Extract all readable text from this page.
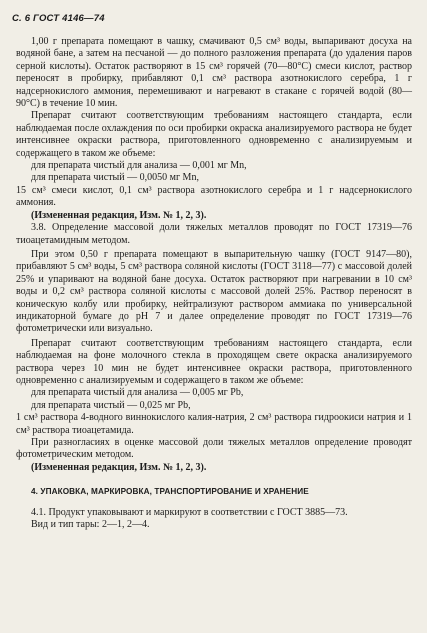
С. 6 ГОСТ 4146—74

1,00 г препарата помещают в чашку, смачивают 0,5 см³ воды, выпаривают досуха на водяной бане, а затем на песчаной — до полного разложения препарата (до удаления паров серной кислоты). Остаток растворяют в 15 см³ горячей (70—80°С) смеси кислот, раствор переносят в пробирку, прибавляют 0,1 см³ раствора азотнокислого серебра, 1 г надсернокислого аммония, перемешивают и нагревают в стакане с горячей водой (80—90°С) в течение 10 мин.

Препарат считают соответствующим требованиям настоящего стандарта, если наблюдаемая после охлаждения по оси пробирки окраска анализируемого раствора не будет интенсивнее окраски раствора, приготовленного одновременно с анализируемым и содержащего в таком же объеме:

для препарата чистый для анализа — 0,001 мг Mn,

для препарата чистый — 0,0050 мг Mn,

15 см³ смеси кислот, 0,1 см³ раствора азотнокислого серебра и 1 г надсернокислого аммония.

(Измененная редакция, Изм. № 1, 2, 3).

3.8. Определение массовой доли тяжелых металлов проводят по ГОСТ 17319—76 тиоацетамидным методом.

При этом 0,50 г препарата помещают в выпарительную чашку (ГОСТ 9147—80), прибавляют 5 см³ воды, 5 см³ раствора соляной кислоты (ГОСТ 3118—77) с массовой долей 25% и упаривают на водяной бане досуха. Остаток растворяют при нагревании в 10 см³ воды и 0,2 см³ раствора соляной кислоты с массовой долей 25%. Раствор переносят в коническую колбу или пробирку, нейтрализуют раствором аммиака по универсальной индикаторной бумаге до рН 7 и далее определение проводят по ГОСТ 17319—76 фотометрически или визуально.

Препарат считают соответствующим требованиям настоящего стандарта, если наблюдаемая на фоне молочного стекла в проходящем свете окраска анализируемого раствора через 10 мин не будет интенсивнее окраски раствора, приготовленного одновременно с анализируемым и содержащего в таком же объеме:

для препарата чистый для анализа — 0,005 мг Pb,

для препарата чистый — 0,025 мг Pb,

1 см³ раствора 4-водного виннокислого калия-натрия, 2 см³ раствора гидроокиси натрия и 1 см³ раствора тиоацетамида.

При разногласиях в оценке массовой доли тяжелых металлов определение проводят фотометрическим методом.

(Измененная редакция, Изм. № 1, 2, 3).

4. УПАКОВКА, МАРКИРОВКА, ТРАНСПОРТИРОВАНИЕ И ХРАНЕНИЕ

4.1. Продукт упаковывают и маркируют в соответствии с ГОСТ 3885—73.

Вид и тип тары: 2—1, 2—4.
